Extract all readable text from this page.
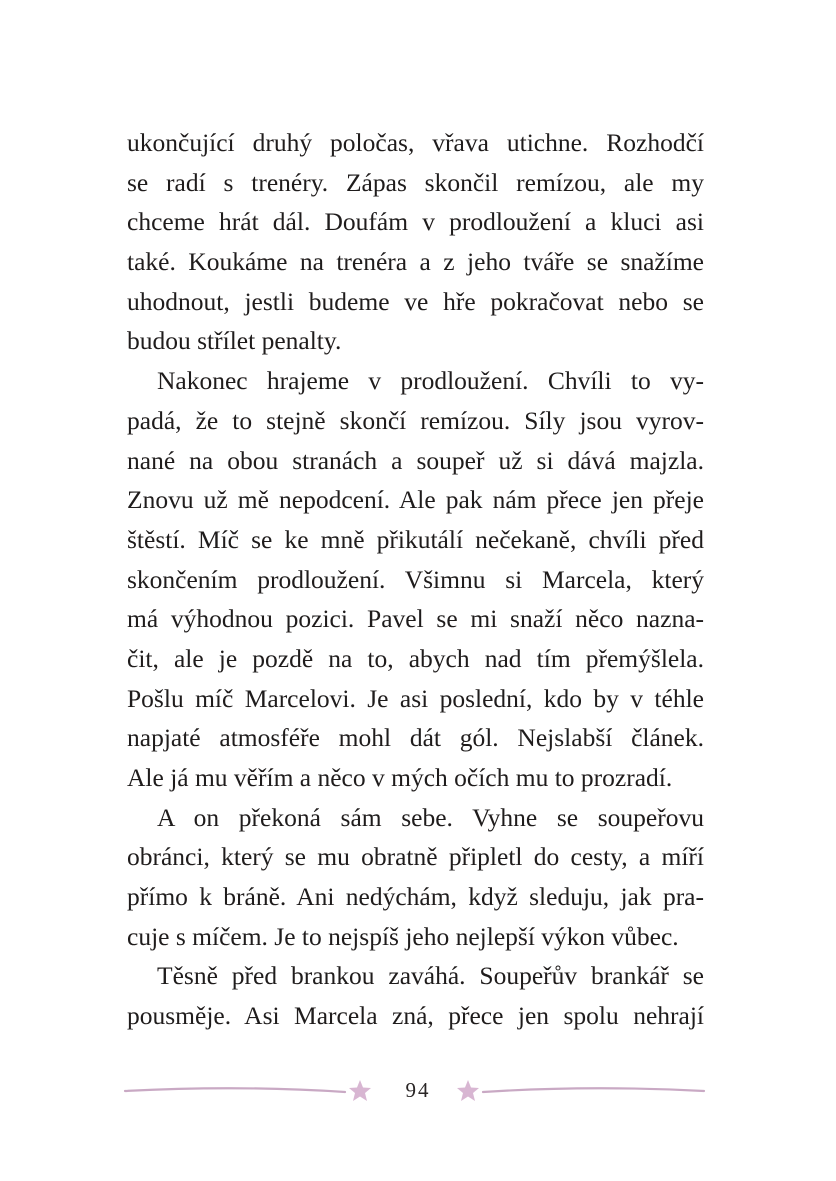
ukončující druhý poločas, vřava utichne. Rozhodčí
se radí s trenéry. Zápas skončil remízou, ale my
chceme hrát dál. Doufám v prodloužení a kluci asi
také. Koukáme na trenéra a z jeho tváře se snažíme
uhodnout, jestli budeme ve hře pokračovat nebo se
budou střílet penalty.
Nakonec hrajeme v prodloužení. Chvíli to vy-
padá, že to stejně skončí remízou. Síly jsou vyrov-
nané na obou stranách a soupeř už si dává majzla.
Znovu už mě nepodcení. Ale pak nám přece jen přeje
štěstí. Míč se ke mně přikutálí nečekaně, chvíli před
skončením prodloužení. Všimnu si Marcela, který
má výhodnou pozici. Pavel se mi snaží něco nazna-
čit, ale je pozdě na to, abych nad tím přemýšlela.
Pošlu míč Marcelovi. Je asi poslední, kdo by v téhle
napjaté atmosféře mohl dát gól. Nejslabší článek.
Ale já mu věřím a něco v mých očích mu to prozradí.
A on překoná sám sebe. Vyhne se soupeřovu
obránci, který se mu obratně připletl do cesty, a míří
přímo k bráně. Ani nedýchám, když sleduju, jak pra-
cuje s míčem. Je to nejspíš jeho nejlepší výkon vůbec.
Těsně před brankou zaváhá. Soupeřův brankář se
pousměje. Asi Marcela zná, přece jen spolu nehrají
94
